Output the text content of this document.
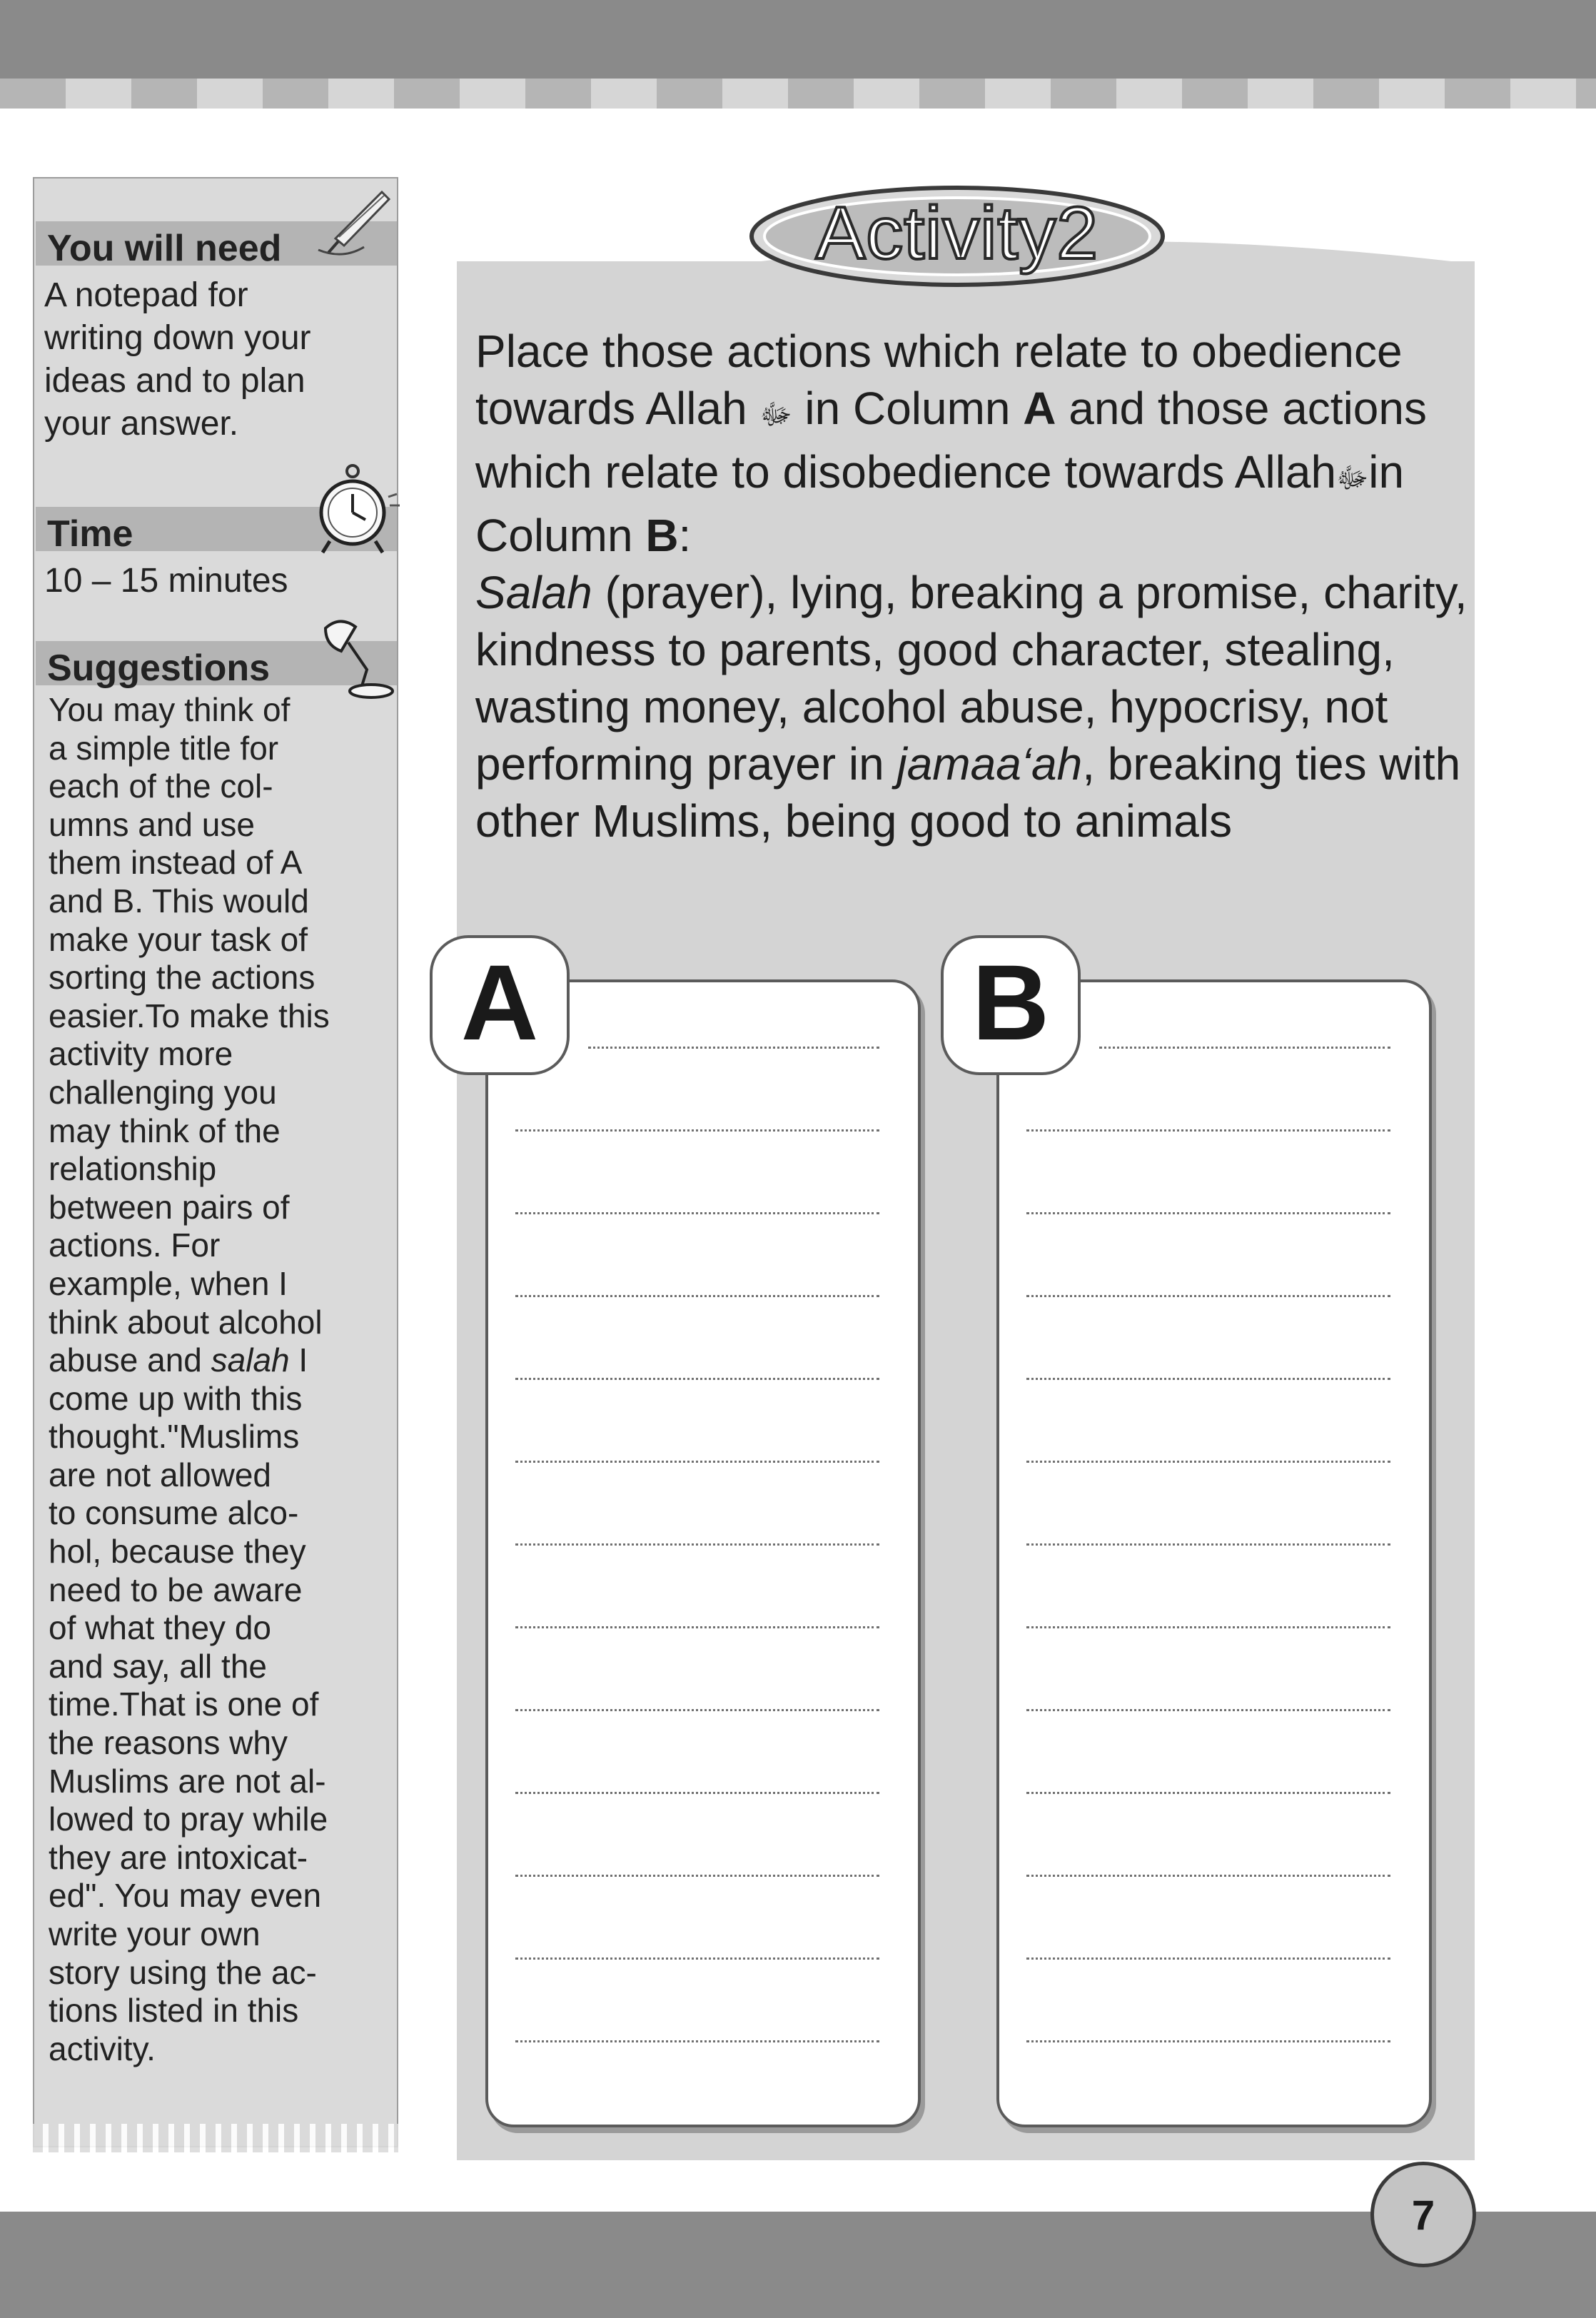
You will need
A notepad for
writing down your
ideas and to plan
your answer.
Time
10 – 15 minutes
Suggestions
You may think of
a simple title for
each of the col-
umns and use
them instead of A
and B. This would
make your task of
sorting the actions
easier.To make this
activity more
challenging you
may think of the
relationship
between pairs of
actions. For
example, when I
think about alcohol
abuse and salah I
come up with this
thought."Muslims
are not allowed
to consume alco-
hol, because they
need to be aware
of what they do
and say, all the
time.That is one of
the reasons why
Muslims are not al-
lowed to pray while
they are intoxicat-
ed". You may even
write your own
story using the ac-
tions listed in this
activity.
Activity2
Place those actions which relate to obedience towards Allah ﷻ in Column A and those actions which relate to disobedience towards Allahﷻin Column B:
Salah (prayer), lying, breaking a promise, charity, kindness to parents, good character, stealing, wasting money, alcohol abuse, hypocrisy, not performing prayer in jamaa‘ah, breaking ties with other Muslims, being good to animals
A	B
7
